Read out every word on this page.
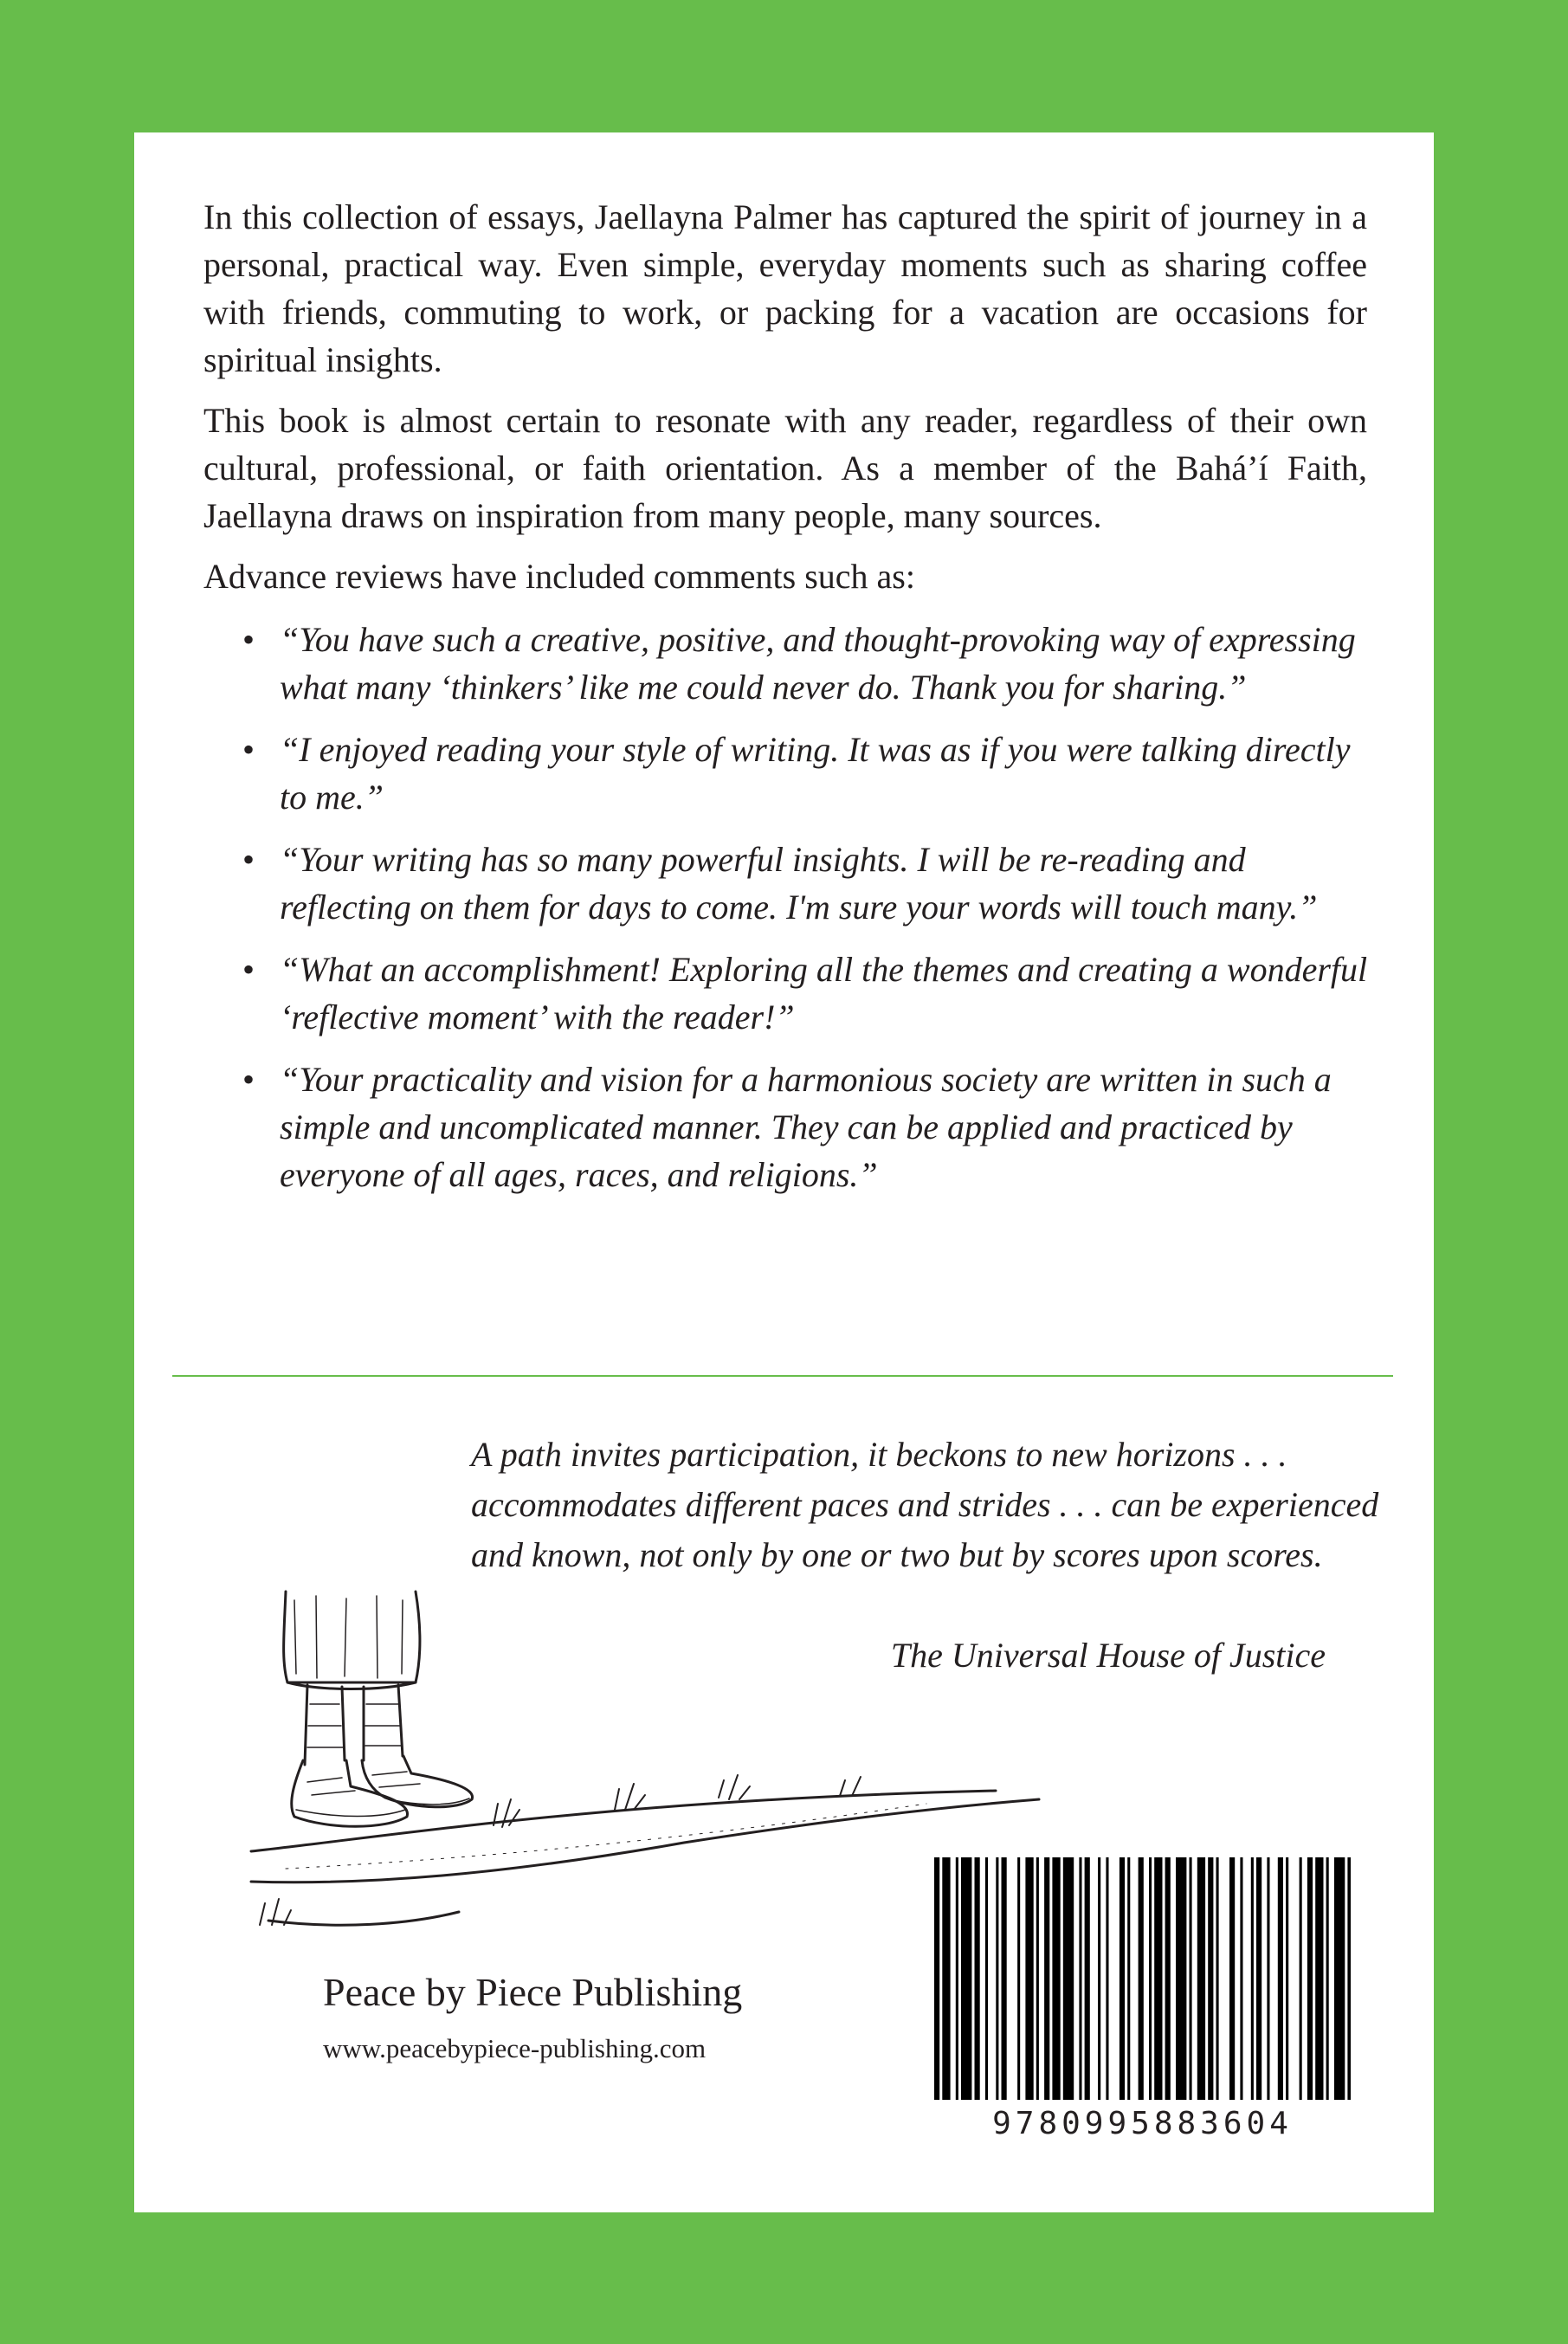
In this collection of essays, Jaellayna Palmer has captured the spirit of journey in a personal, practical way. Even simple, everyday moments such as sharing coffee with friends, commuting to work, or packing for a vacation are occasions for spiritual insights.

This book is almost certain to resonate with any reader, regardless of their own cultural, professional, or faith orientation. As a member of the Bahá’í Faith, Jaellayna draws on inspiration from many people, many sources.

Advance reviews have included comments such as:

• “You have such a creative, positive, and thought-provoking way of expressing what many ‘thinkers’ like me could never do. Thank you for sharing.”
• “I enjoyed reading your style of writing. It was as if you were talking directly to me.”
• “Your writing has so many powerful insights. I will be re-reading and reflecting on them for days to come. I'm sure your words will touch many.”
• “What an accomplishment! Exploring all the themes and creating a wonderful ‘reflective moment’ with the reader!”
• “Your practicality and vision for a harmonious society are written in such a simple and uncomplicated manner. They can be applied and practiced by everyone of all ages, races, and religions.”
A path invites participation, it beckons to new horizons . . . accommodates different paces and strides . . . can be experienced and known, not only by one or two but by scores upon scores.
The Universal House of Justice
Peace by Piece Publishing
www.peacebypiece-publishing.com
9780995883604
